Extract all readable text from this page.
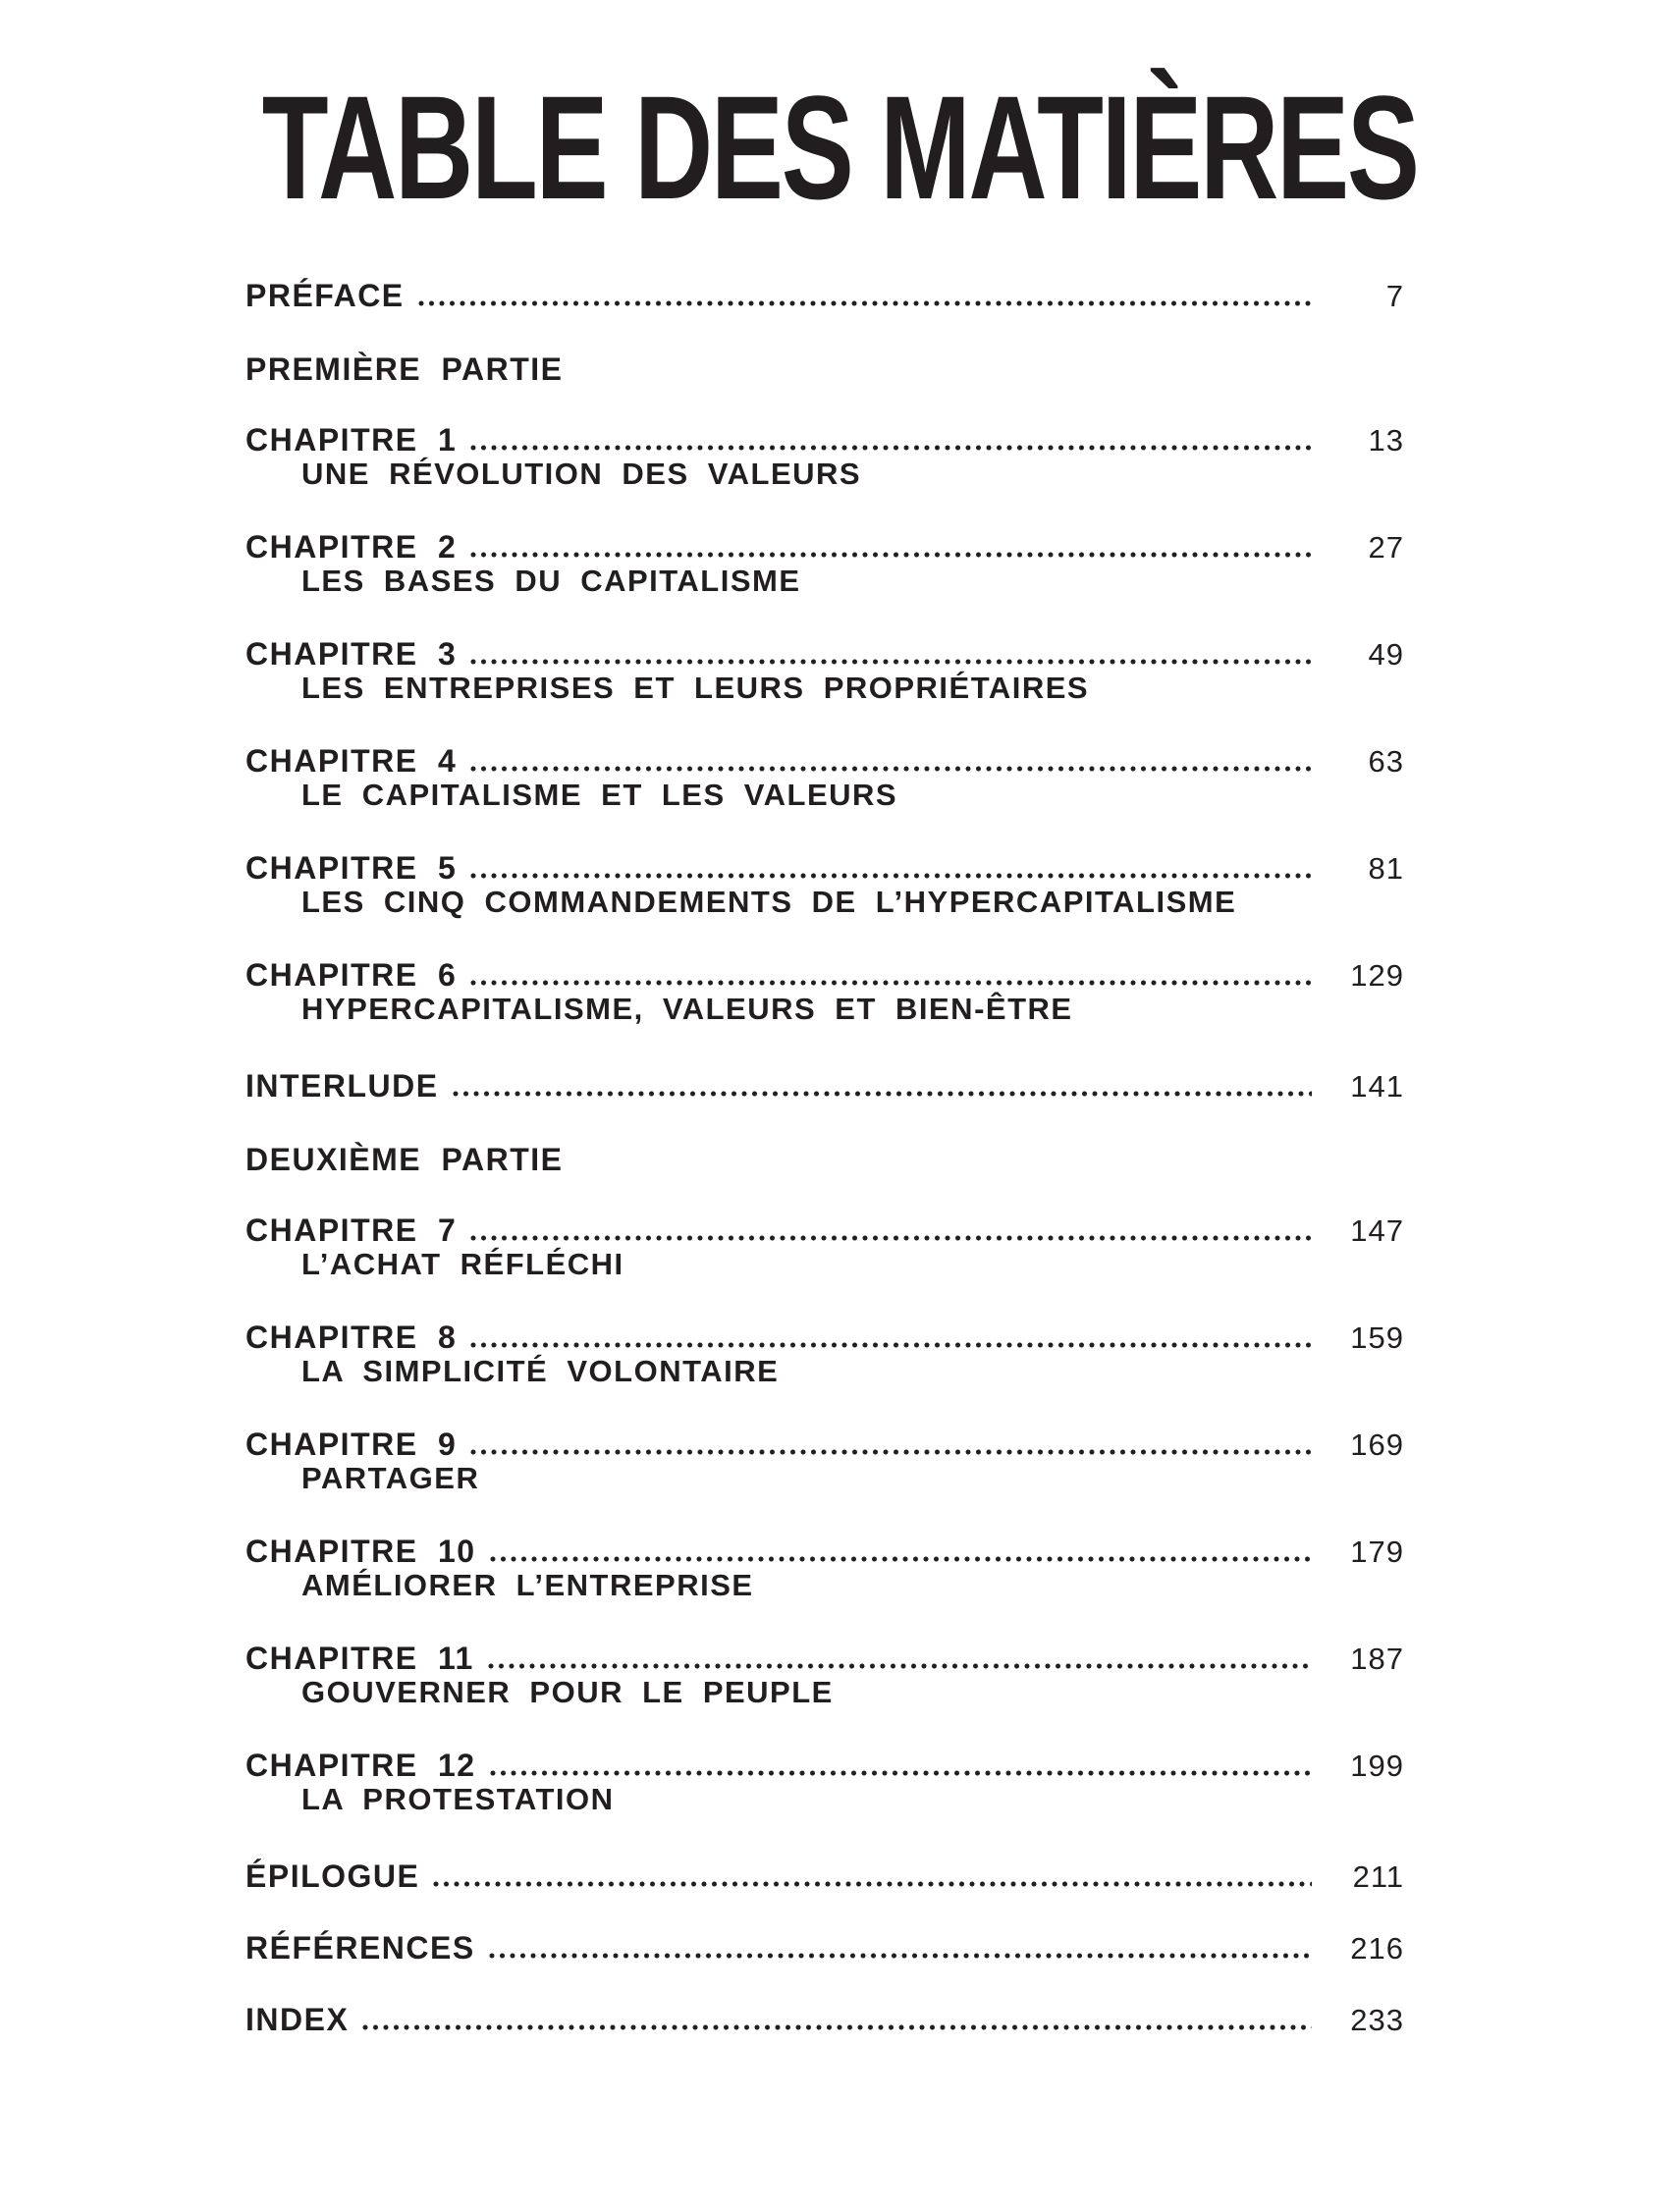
TABLE DES MATIÈRES
PRÉFACE	7
PREMIÈRE PARTIE
CHAPITRE 1	13
UNE RÉVOLUTION DES VALEURS
CHAPITRE 2	27
LES BASES DU CAPITALISME
CHAPITRE 3	49
LES ENTREPRISES ET LEURS PROPRIÉTAIRES
CHAPITRE 4	63
LE CAPITALISME ET LES VALEURS
CHAPITRE 5	81
LES CINQ COMMANDEMENTS DE L’HYPERCAPITALISME
CHAPITRE 6	129
HYPERCAPITALISME, VALEURS ET BIEN-ÊTRE
INTERLUDE	141
DEUXIÈME PARTIE
CHAPITRE 7	147
L’ACHAT RÉFLÉCHI
CHAPITRE 8	159
LA SIMPLICITÉ VOLONTAIRE
CHAPITRE 9	169
PARTAGER
CHAPITRE 10	179
AMÉLIORER L’ENTREPRISE
CHAPITRE 11	187
GOUVERNER POUR LE PEUPLE
CHAPITRE 12	199
LA PROTESTATION
ÉPILOGUE	211
RÉFÉRENCES	216
INDEX	233
